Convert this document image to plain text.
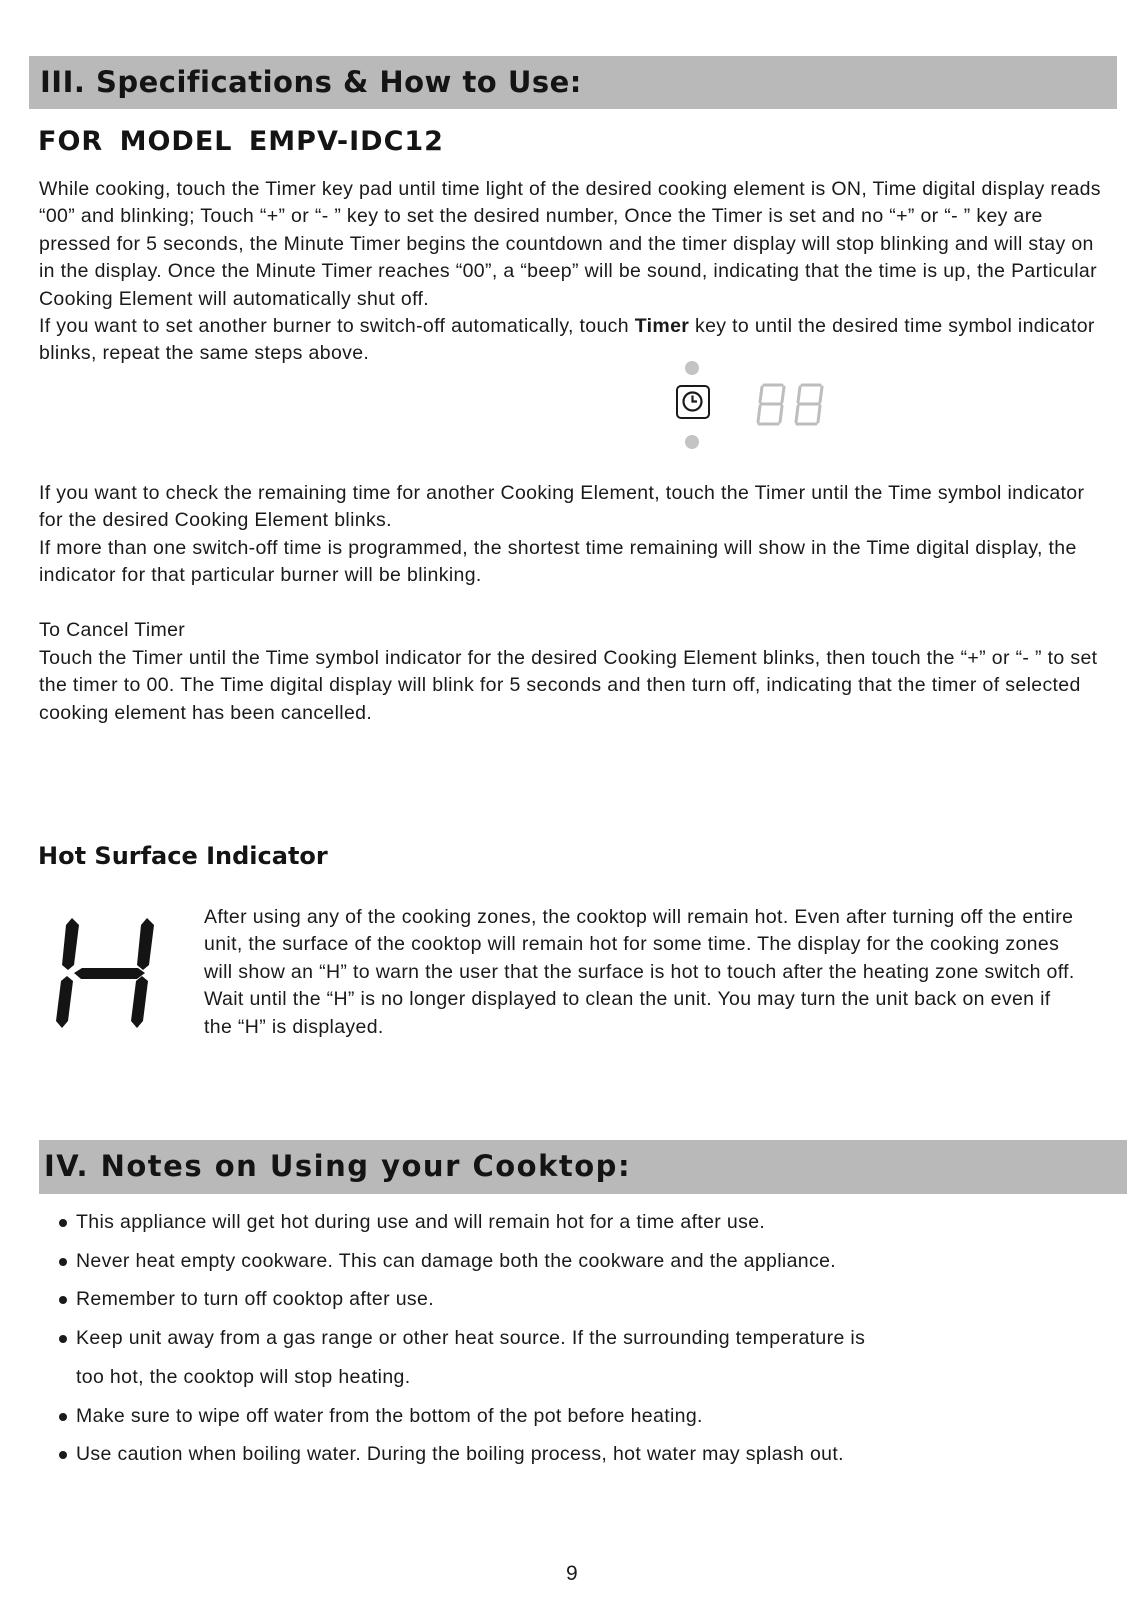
III. Specifications & How to Use:
FOR MODEL EMPV-IDC12

While cooking, touch the Timer key pad until time light of the desired cooking element is ON, Time digital display reads “00” and blinking; Touch “+” or “- ” key to set the desired number, Once the Timer is set and no “+” or “- ” key are pressed for 5 seconds, the Minute Timer begins the countdown and the timer display will stop blinking and will stay on in the display. Once the Minute Timer reaches “00”, a “beep” will be sound, indicating that the time is up, the Particular Cooking Element will automatically shut off.
If you want to set another burner to switch-off automatically, touch Timer key to until the desired time symbol indicator blinks, repeat the same steps above.

If you want to check the remaining time for another Cooking Element, touch the Timer until the Time symbol indicator for the desired Cooking Element blinks.

If more than one switch-off time is programmed, the shortest time remaining will show in the Time digital display, the indicator for that particular burner will be blinking.

To Cancel Timer

Touch the Timer until the Time symbol indicator for the desired Cooking Element blinks, then touch the “+” or “- ” to set the timer to 00. The Time digital display will blink for 5 seconds and then turn off, indicating that the timer of selected cooking element has been cancelled.

Hot Surface Indicator

After using any of the cooking zones, the cooktop will remain hot. Even after turning off the entire unit, the surface of the cooktop will remain hot for some time. The display for the cooking zones will show an “H” to warn the user that the surface is hot to touch after the heating zone switch off. Wait until the “H” is no longer displayed to clean the unit. You may turn the unit back on even if the “H” is displayed.

IV. Notes on Using your Cooktop:
This appliance will get hot during use and will remain hot for a time after use.
Never heat empty cookware. This can damage both the cookware and the appliance.
Remember to turn off cooktop after use.
Keep unit away from a gas range or other heat source. If the surrounding temperature is
too hot, the cooktop will stop heating.
Make sure to wipe off water from the bottom of the pot before heating.
Use caution when boiling water. During the boiling process, hot water may splash out.
9
